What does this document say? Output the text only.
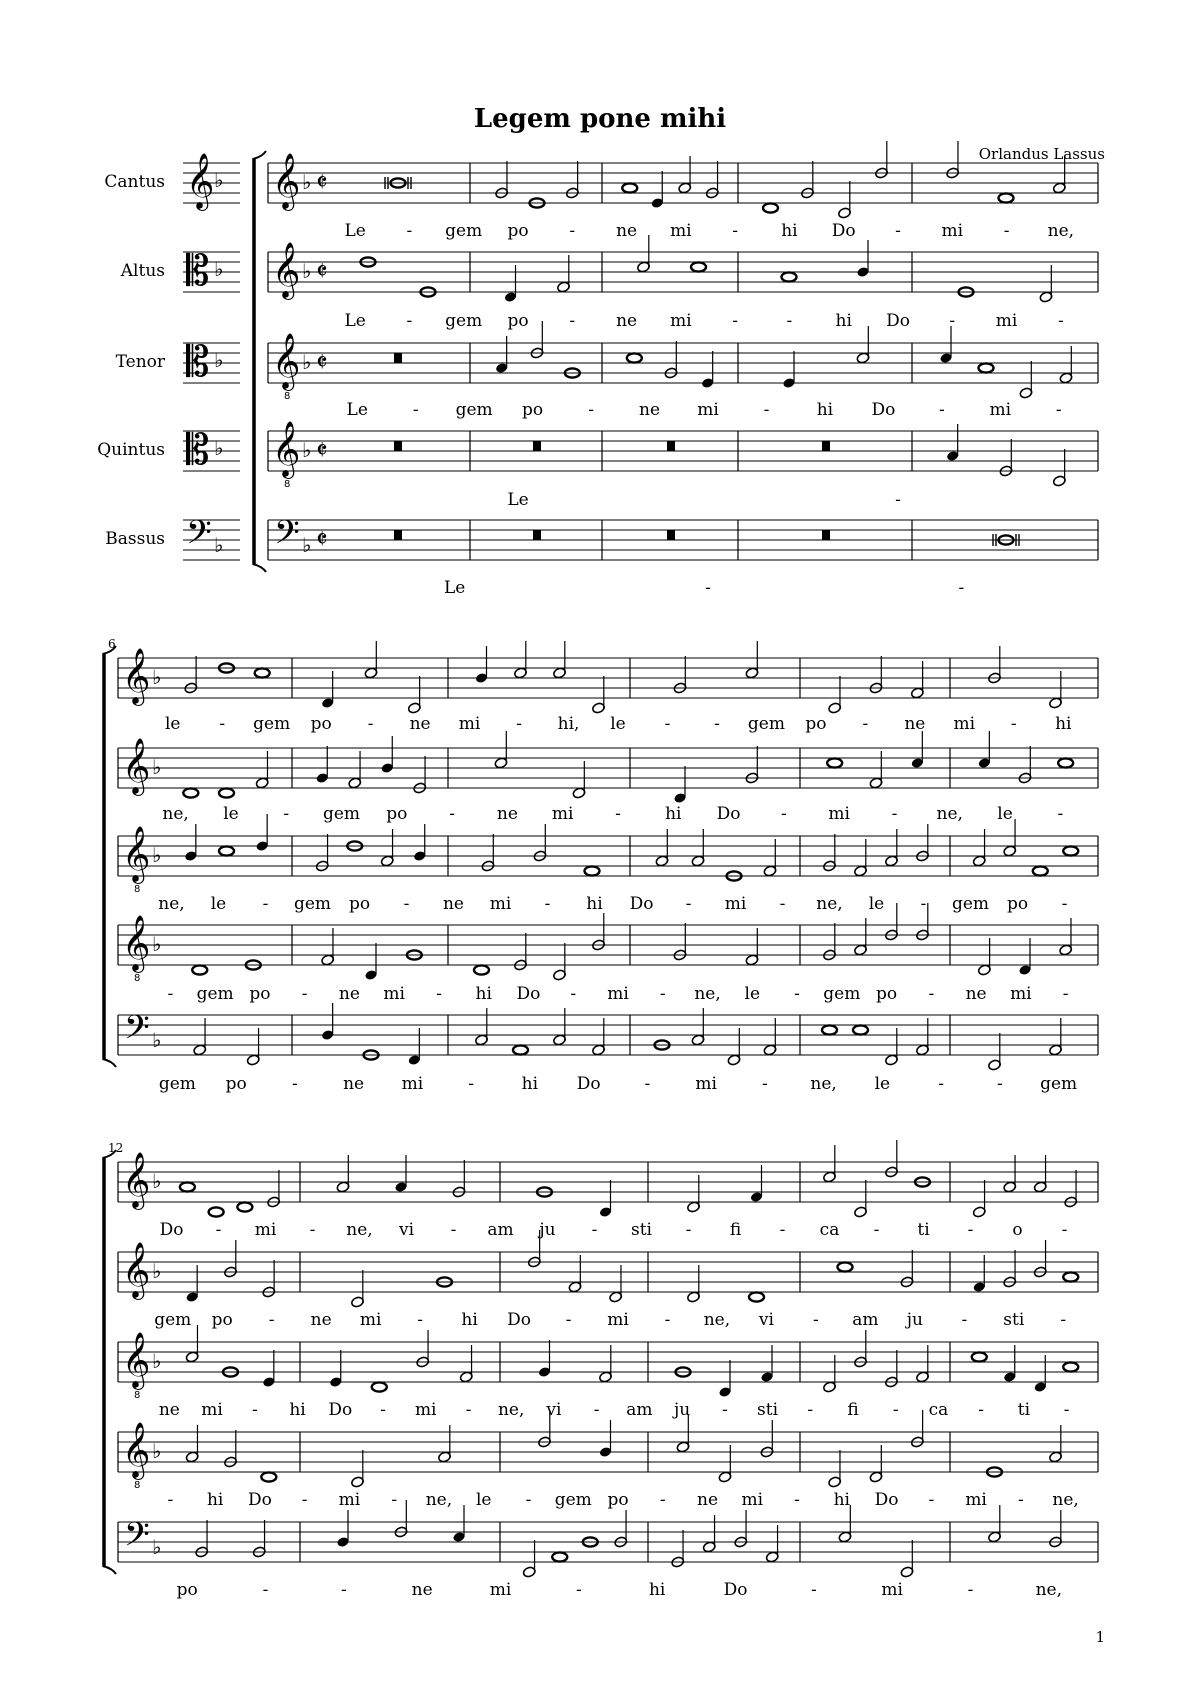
Legem pone mihi
Orlandus Lassus
1
𝄞 ♭ 𝄵
𝄞 ♭ 𝄵
𝄞
8
♭ 𝄵
𝄞
8
♭ 𝄵
𝄢 ♭ 𝄵
Le - gem po - ne mi -	hi Do - mi - ne,
Le - gem po - ne mi -	-	hi Do - mi -
Le	- gem po	-	ne mi	-	hi Do	-	mi	-
Le	-
Le	-	-
𝄞 ♭
𝄞 ♭
𝄞
8
♭
𝄞
8
♭
𝄢 ♭
le - gem po - ne mi - hi, le -	- gem po - ne mi - hi
ne, le	- gem po - ne mi -	hi Do - mi - ne, le	-
ne, le - gem po - ne mi - hi Do - mi - ne, le - gem po -
- gem po - ne mi - hi Do - mi - ne, le - gem po - ne mi -
gem po	-	ne mi	-	hi Do	-	mi	-	ne, le	-	- gem
𝄞 ♭
𝄞 ♭
𝄞
8
♭
𝄞
8
♭
𝄢 ♭
Do - mi - ne, vi - am ju - sti - fi - ca - ti - o -
gem po - ne mi - hi Do - mi - ne, vi - am ju - sti -
ne mi - hi Do - mi - ne, vi - am ju - sti - fi - ca - ti -
- hi Do - mi - ne, le - gem po - ne mi - hi Do - mi - ne,
po	-	-	ne	mi	-	hi	Do	-	mi	-	ne,
𝄞 ♭
Cantus
𝄡 ♭
Altus
𝄡 ♭
Tenor
𝄡 ♭
Quintus
𝄢 ♭
Bassus
6
12
